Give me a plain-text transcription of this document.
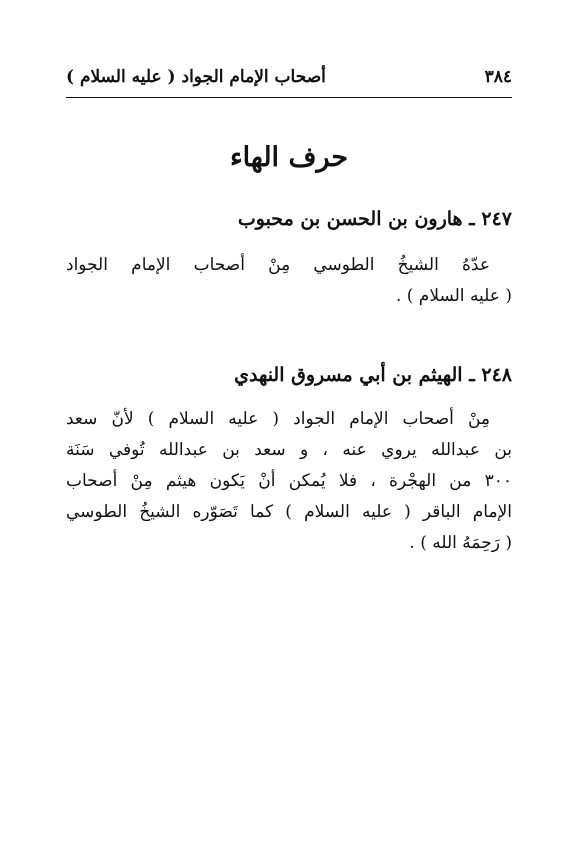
٣٨٤
أصحاب الإمام الجواد ( عليه السلام )
حرف الهاء
٢٤٧ ـ هارون بن الحسن بن محبوب
عدّهُ الشيخُ الطوسي مِنْ أصحاب الإمام الجواد
( عليه السلام ) .
٢٤٨ ـ الهيثم بن أبي مسروق النهدي
مِنْ أصحاب الإمام الجواد ( عليه السلام ) لأنّ سعد
بن عبدالله يروي عنه ، و سعد بن عبدالله تُوفي سَنَة
٣٠٠ من الهجْرة ، فلا يُمكن أنْ يَكون هيثم مِنْ أصحاب
الإمام الباقر ( عليه السلام ) كما تَصَوّره الشيخُ الطوسي
( رَحِمَهُ الله ) .
